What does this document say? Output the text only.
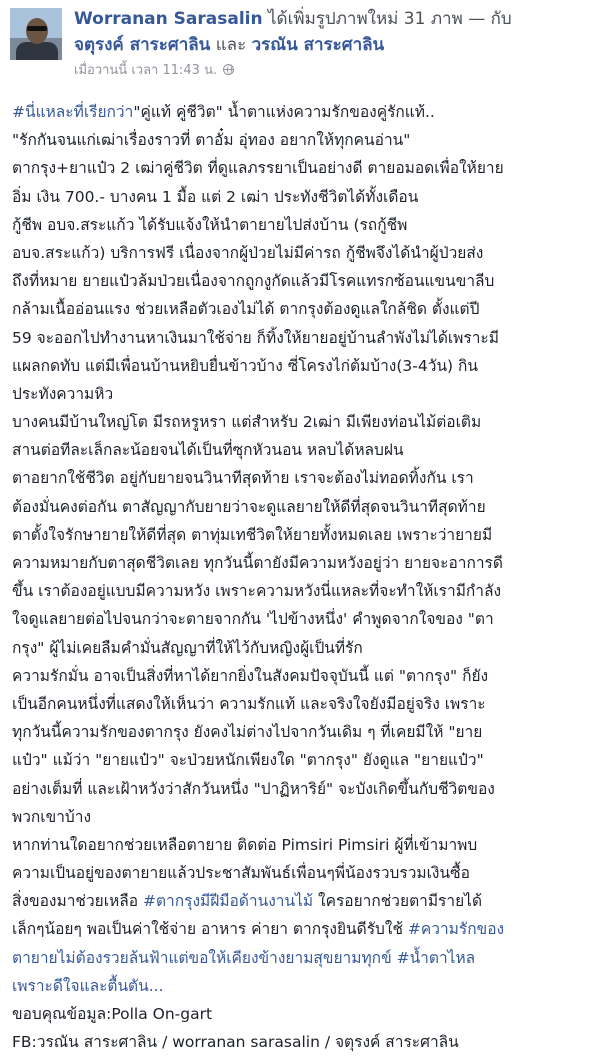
Worranan Sarasalin ได้เพิ่มรูปภาพใหม่ 31 ภาพ — กับ
จตุรงค์ สาระศาลิน และ วรณัน สาระศาลิน
เมื่อวานนี้ เวลา 11:43 น.
#นี่แหละที่เรียกว่า"คู่แท้ คู่ชีวิต" น้ำตาแห่งความรักของคู่รักแท้..
"รักกันจนแก่เฒ่าเรื่องราวที่ ตาอั๋ม อุ่ทอง อยากให้ทุกคนอ่าน"
ตากรุง+ยาแป๋ว 2 เฒ่าคู่ชีวิต ที่ดูแลภรรยาเป็นอย่างดี ตายอมอดเพื่อให้ยาย
อิ่ม เงิน 700.- บางคน 1 มื้อ แต่ 2 เฒ่า ประทังชีวิตได้ทั้งเดือน
กู้ชีพ อบจ.สระแก้ว ได้รับแจ้งให้นำตายายไปส่งบ้าน (รถกู้ชีพ
อบจ.สระแก้ว) บริการฟรี เนื่องจากผู้ป่วยไม่มีค่ารถ กู้ชีพจึงได้นำผู้ป่วยส่ง
ถึงที่หมาย ยายแป๋วล้มป่วยเนื่องจากถูกงูกัดแล้วมีโรคแทรกซ้อนแขนขาลีบ
กล้ามเนื้ออ่อนแรง ช่วยเหลือตัวเองไม่ได้ ตากรุงต้องดูแลใกล้ชิด ตั้งแต่ปี
59 จะออกไปทำงานหาเงินมาใช้จ่าย ก็ทิ้งให้ยายอยู่บ้านลำพังไม่ได้เพราะมี
แผลกดทับ แต่มีเพื่อนบ้านหยิบยื่นข้าวบ้าง ซี่โครงไก่ต้มบ้าง(3-4วัน) กิน
ประทังความหิว
บางคนมีบ้านใหญ่โต มีรถหรูหรา แต่สำหรับ 2เฒ่า มีเพียงท่อนไม้ต่อเติม
สานต่อทีละเล็กละน้อยจนได้เป็นที่ซุกหัวนอน หลบได้หลบฝน
ตาอยากใช้ชีวิต อยู่กับยายจนวินาทีสุดท้าย เราจะต้องไม่ทอดทิ้งกัน เรา
ต้องมั่นคงต่อกัน ตาสัญญากับยายว่าจะดูแลยายให้ดีที่สุดจนวินาทีสุดท้าย
ตาตั้งใจรักษายายให้ดีที่สุด ตาทุ่มเทชีวิตให้ยายทั้งหมดเลย เพราะว่ายายมี
ความหมายกับตาสุดชีวิตเลย ทุกวันนี้ตายังมีความหวังอยู่ว่า ยายจะอาการดี
ขึ้น เราต้องอยู่แบบมีความหวัง เพราะความหวังนี่แหละที่จะทำให้เรามีกำลัง
ใจดูแลยายต่อไปจนกว่าจะตายจากกัน 'ไปข้างหนึ่ง' คำพูดจากใจของ "ตา
กรุง" ผู้ไม่เคยลืมคำมั่นสัญญาที่ให้ไว้กับหญิงผู้เป็นที่รัก
ความรักมั่น อาจเป็นสิ่งที่หาได้ยากยิ่งในสังคมปัจจุบันนี้ แต่ "ตากรุง" ก็ยัง
เป็นอีกคนหนึ่งที่แสดงให้เห็นว่า ความรักแท้ และจริงใจยังมีอยู่จริง เพราะ
ทุกวันนี้ความรักของตากรุง ยังคงไม่ต่างไปจากวันเดิม ๆ ที่เคยมีให้ "ยาย
แป๋ว" แม้ว่า "ยายแป๋ว" จะป่วยหนักเพียงใด "ตากรุง" ยังดูแล "ยายแป๋ว"
อย่างเต็มที่ และเฝ้าหวังว่าสักวันหนึ่ง "ปาฏิหาริย์" จะบังเกิดขึ้นกับชีวิตของ
พวกเขาบ้าง
หากท่านใดอยากช่วยเหลือตายาย ติดต่อ Pimsiri Pimsiri ผู้ที่เข้ามาพบ
ความเป็นอยู่ของตายายแล้วประชาสัมพันธ์เพื่อนๆพี่น้องรวบรวมเงินซื้อ
สิ่งของมาช่วยเหลือ #ตากรุงมีฝีมือด้านงานไม้ ใครอยากช่วยตามีรายได้
เล็กๆน้อยๆ พอเป็นค่าใช้จ่าย อาหาร ค่ายา ตากรุงยินดีรับใช้ #ความรักของ
ตายายไม่ต้องรวยล้นฟ้าแต่ขอให้เคียงข้างยามสุขยามทุกข์ #น้ำตาไหล
เพราะดีใจและตื้นตัน...
ขอบคุณข้อมูล:Polla On-gart
FB:วรณัน สาระศาลิน / worranan sarasalin / จตุรงค์ สาระศาลิน
